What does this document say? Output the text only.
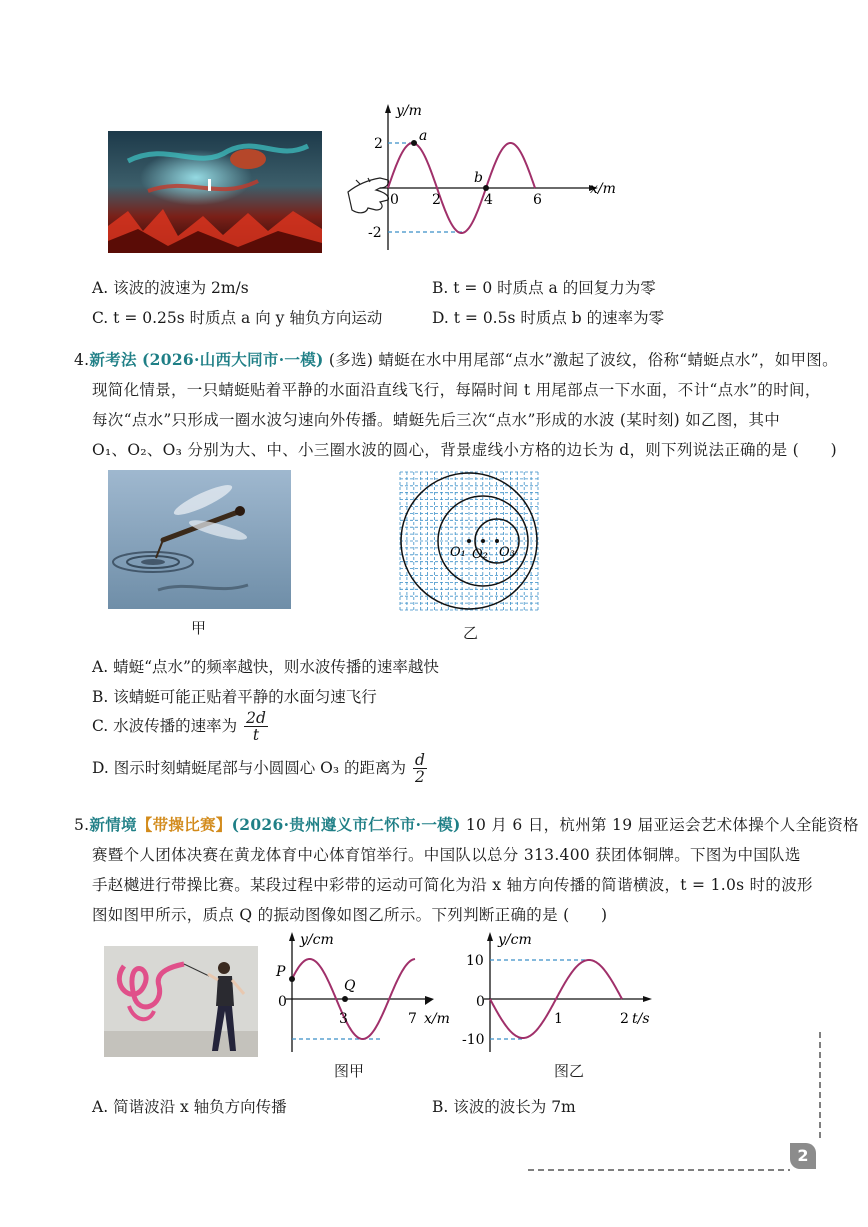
y/m
x/m
2
-2
0 2	4	6
a
b
A. 该波的波速为 2m/s	B. t = 0 时质点 a 的回复力为零
C. t = 0.25s 时质点 a 向 y 轴负方向运动	D. t = 0.5s 时质点 b 的速率为零
4.新考法 (2026·山西大同市·一模) (多选) 蜻蜓在水中用尾部“点水”激起了波纹，俗称“蜻蜓点水”，如甲图。
现简化情景，一只蜻蜓贴着平静的水面沿直线飞行，每隔时间 t 用尾部点一下水面，不计“点水”的时间，
每次“点水”只形成一圈水波匀速向外传播。蜻蜓先后三次“点水”形成的水波 (某时刻) 如乙图，其中
O₁、O₂、O₃ 分别为大、中、小三圈水波的圆心，背景虚线小方格的边长为 d，则下列说法正确的是 (　　)
甲
O₁ O₂ O₃
乙
A. 蜻蜓“点水”的频率越快，则水波传播的速率越快
B. 该蜻蜓可能正贴着平静的水面匀速飞行
C. 水波传播的速率为 $\frac{2d}{t}$
D. 图示时刻蜻蜓尾部与小圆圆心 O₃ 的距离为 $\frac{d}{2}$
5.新情境【带操比赛】(2026·贵州遵义市仁怀市·一模) 10 月 6 日，杭州第 19 届亚运会艺术体操个人全能资格
赛暨个人团体决赛在黄龙体育中心体育馆举行。中国队以总分 313.400 获团体铜牌。下图为中国队选
手赵樾进行带操比赛。某段过程中彩带的运动可简化为沿 x 轴方向传播的简谐横波，t = 1.0s 时的波形
图如图甲所示，质点 Q 的振动图像如图乙所示。下列判断正确的是 (　　)
y/cm
x/m
P
Q
0
3	7
图甲
y/cm
t/s
10
-10
0
1	2
图乙
A. 简谐波沿 x 轴负方向传播	B. 该波的波长为 7m
2
